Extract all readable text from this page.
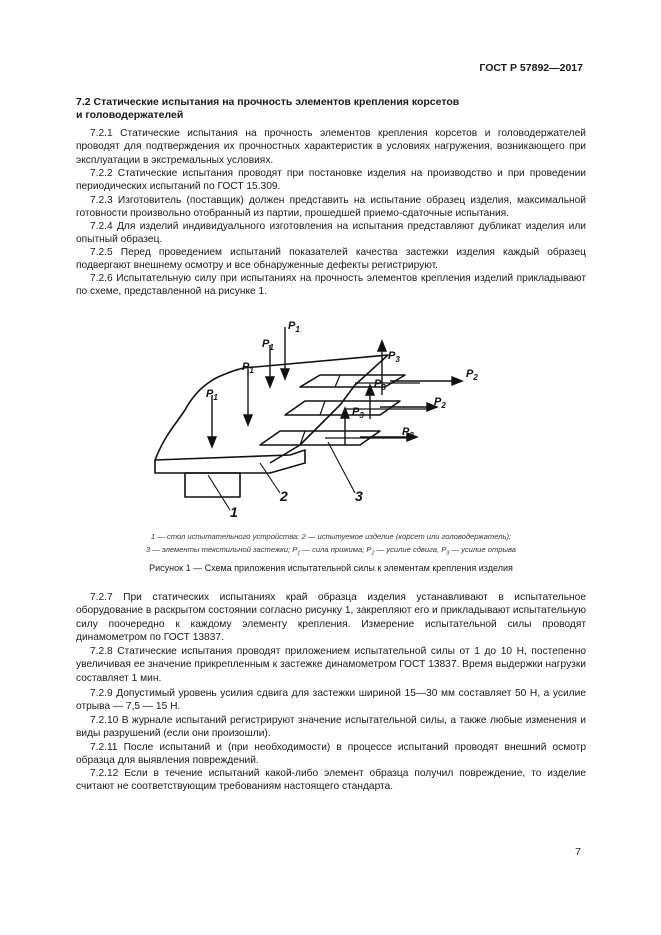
ГОСТ Р 57892—2017
7.2 Статические испытания на прочность элементов крепления корсетов
и головодержателей
7.2.1 Статические испытания на прочность элементов крепления корсетов и головодержателей проводят для подтверждения их прочностных характеристик в условиях нагружения, возникающего при эксплуатации в экстремальных условиях.
7.2.2 Статические испытания проводят при постановке изделия на производство и при проведении периодических испытаний по ГОСТ 15.309.
7.2.3 Изготовитель (поставщик) должен представить на испытание образец изделия, максимальной готовности произвольно отобранный из партии, прошедшей приемо-сдаточные испытания.
7.2.4 Для изделий индивидуального изготовления на испытания представляют дубликат изделия или опытный образец.
7.2.5 Перед проведением испытаний показателей качества застежки изделия каждый образец подвергают внешнему осмотру и все обнаруженные дефекты регистрируют.
7.2.6 Испытательную силу при испытаниях на прочность элементов крепления изделий прикладывают по схеме, представленной на рисунке 1.
$P_1$
$P_1$
$P_1$
$P_1$
$P_3$
$P_3$
$P_3$
$P_2$
$P_2$
$P_2$
1
2	3
1 — стол испытательного устройства; 2 — испытуемое изделие (корсет или головодержатель);
3 — элементы текстильной застежки; $P_1$ — сила прижима; $P_2$ — усилие сдвига, $P_3$ — усилие отрыва
Рисунок 1 — Схема приложения испытательной силы к элементам крепления изделия
7.2.7 При статических испытаниях край образца изделия устанавливают в испытательное оборудование в раскрытом состоянии согласно рисунку 1, закрепляют его и прикладывают испытательную силу поочередно к каждому элементу крепления. Измерение испытательной силы проводят динамометром по ГОСТ 13837.
7.2.8 Статические испытания проводят приложением испытательной силы от 1 до 10 Н, постепенно увеличивая ее значение прикрепленным к застежке динамометром ГОСТ 13837. Время выдержки нагрузки составляет 1 мин.
7.2.9 Допустимый уровень усилия сдвига для застежки шириной 15—30 мм составляет 50 Н, а усилие отрыва — 7,5 — 15 Н.
7.2.10 В журнале испытаний регистрируют значение испытательной силы, а также любые изменения и виды разрушений (если они произошли).
7.2.11 После испытаний и (при необходимости) в процессе испытаний проводят внешний осмотр образца для выявления повреждений.
7.2.12 Если в течение испытаний какой-либо элемент образца получил повреждение, то изделие считают не соответствующим требованиям настоящего стандарта.
7
